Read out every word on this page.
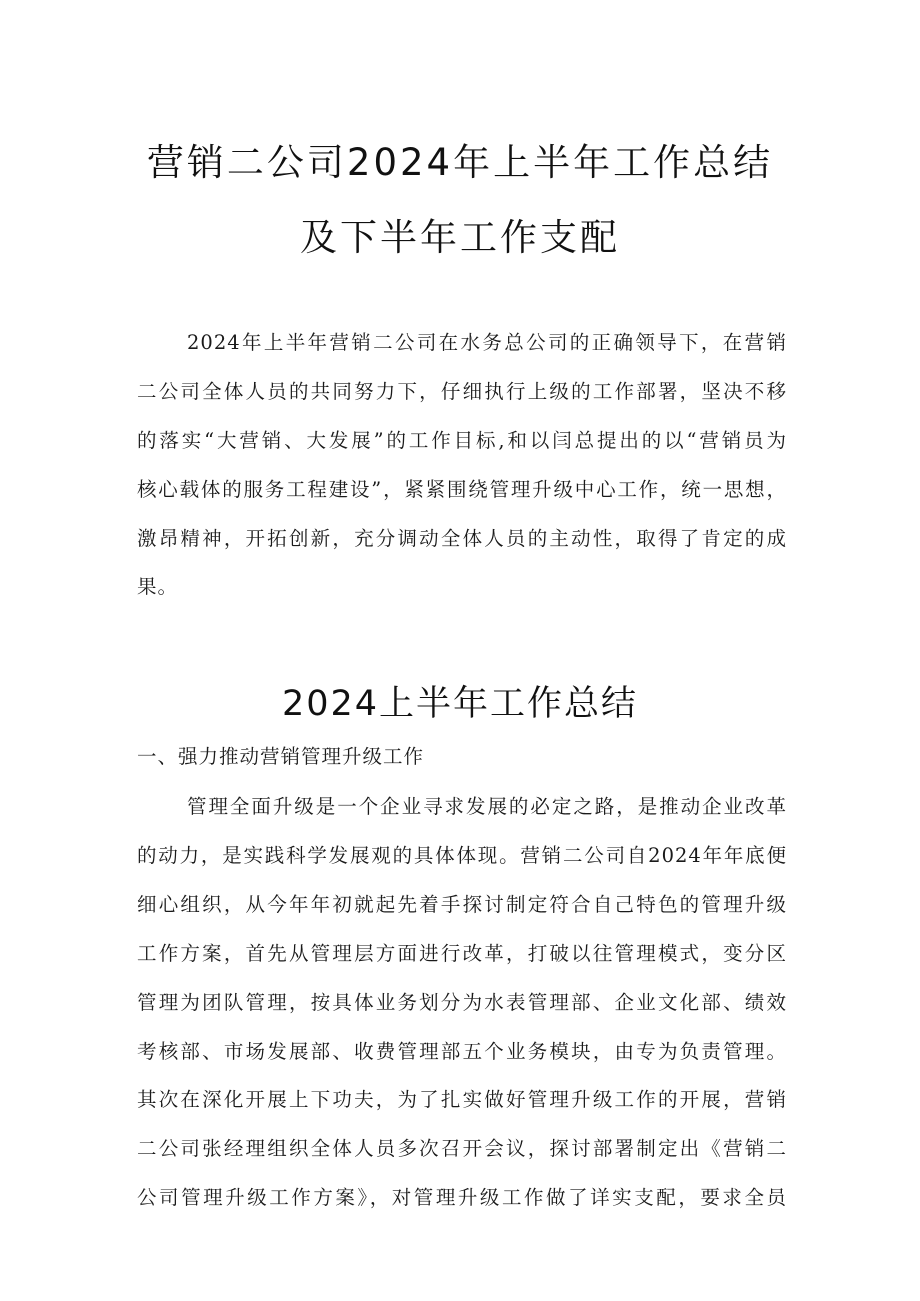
营销二公司2024年上半年工作总结
及下半年工作支配
2024年上半年营销二公司在水务总公司的正确领导下，在营销
二公司全体人员的共同努力下，仔细执行上级的工作部署，坚决不移
的落实“大营销、大发展”的工作目标,和以闫总提出的以“营销员为
核心载体的服务工程建设”，紧紧围绕管理升级中心工作，统一思想，
激昂精神，开拓创新，充分调动全体人员的主动性，取得了肯定的成
果。
2024上半年工作总结
一、强力推动营销管理升级工作
管理全面升级是一个企业寻求发展的必定之路，是推动企业改革
的动力，是实践科学发展观的具体体现。营销二公司自2024年年底便
细心组织，从今年年初就起先着手探讨制定符合自己特色的管理升级
工作方案，首先从管理层方面进行改革，打破以往管理模式，变分区
管理为团队管理，按具体业务划分为水表管理部、企业文化部、绩效
考核部、市场发展部、收费管理部五个业务模块，由专为负责管理。
其次在深化开展上下功夫，为了扎实做好管理升级工作的开展，营销
二公司张经理组织全体人员多次召开会议，探讨部署制定出《营销二
公司管理升级工作方案》，对管理升级工作做了详实支配，要求全员
